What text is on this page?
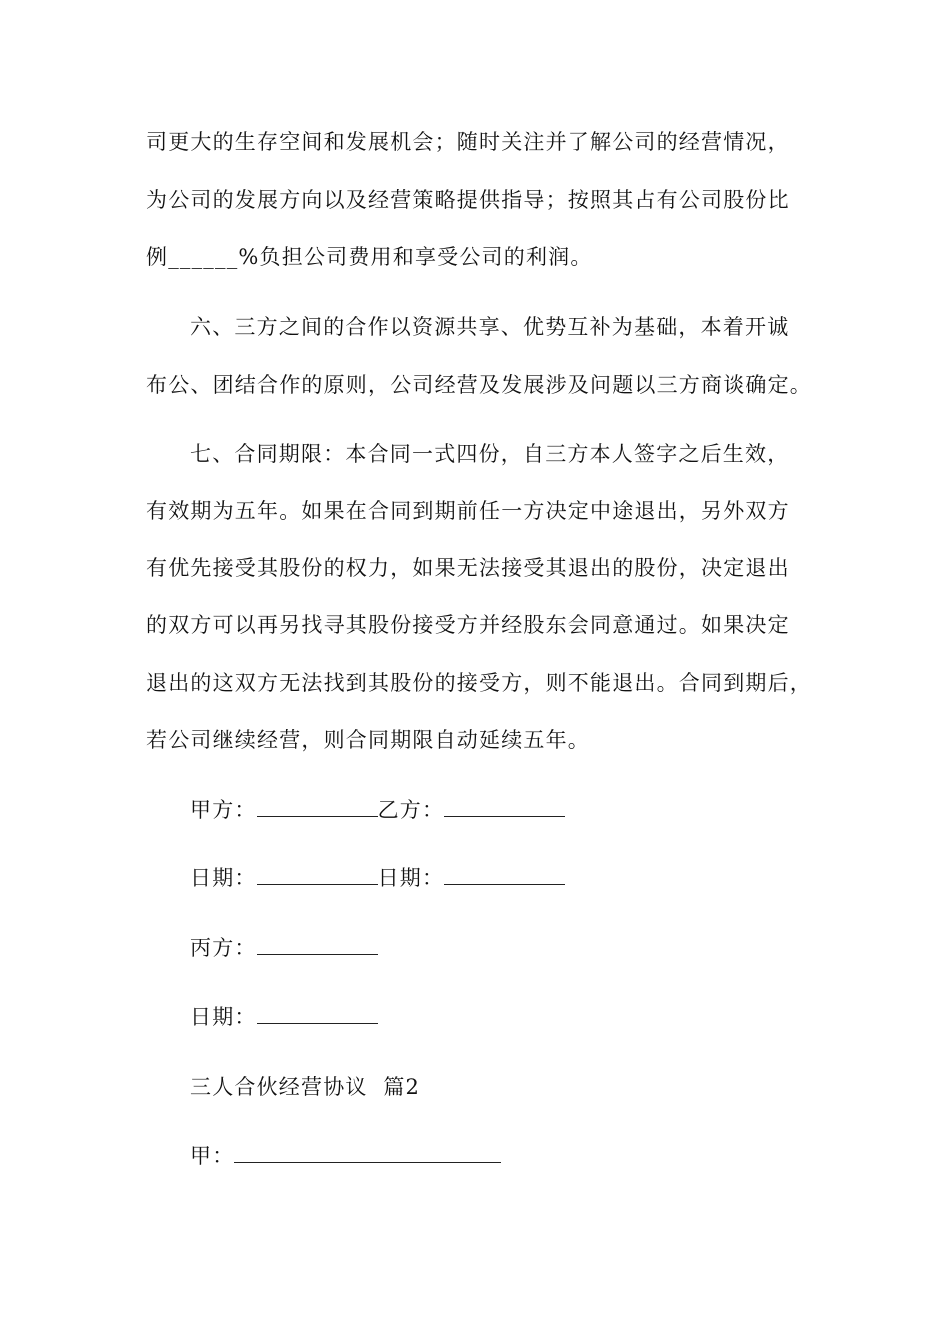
司更大的生存空间和发展机会；随时关注并了解公司的经营情况，
为公司的发展方向以及经营策略提供指导；按照其占有公司股份比
例______%负担公司费用和享受公司的利润。
六、三方之间的合作以资源共享、优势互补为基础，本着开诚
布公、团结合作的原则，公司经营及发展涉及问题以三方商谈确定。
七、合同期限：本合同一式四份，自三方本人签字之后生效，
有效期为五年。如果在合同到期前任一方决定中途退出，另外双方
有优先接受其股份的权力，如果无法接受其退出的股份，决定退出
的双方可以再另找寻其股份接受方并经股东会同意通过。如果决定
退出的这双方无法找到其股份的接受方，则不能退出。合同到期后，
若公司继续经营，则合同期限自动延续五年。
甲方：	乙方：
日期：	日期：
丙方：
日期：
三人合伙经营协议  篇2
甲：
